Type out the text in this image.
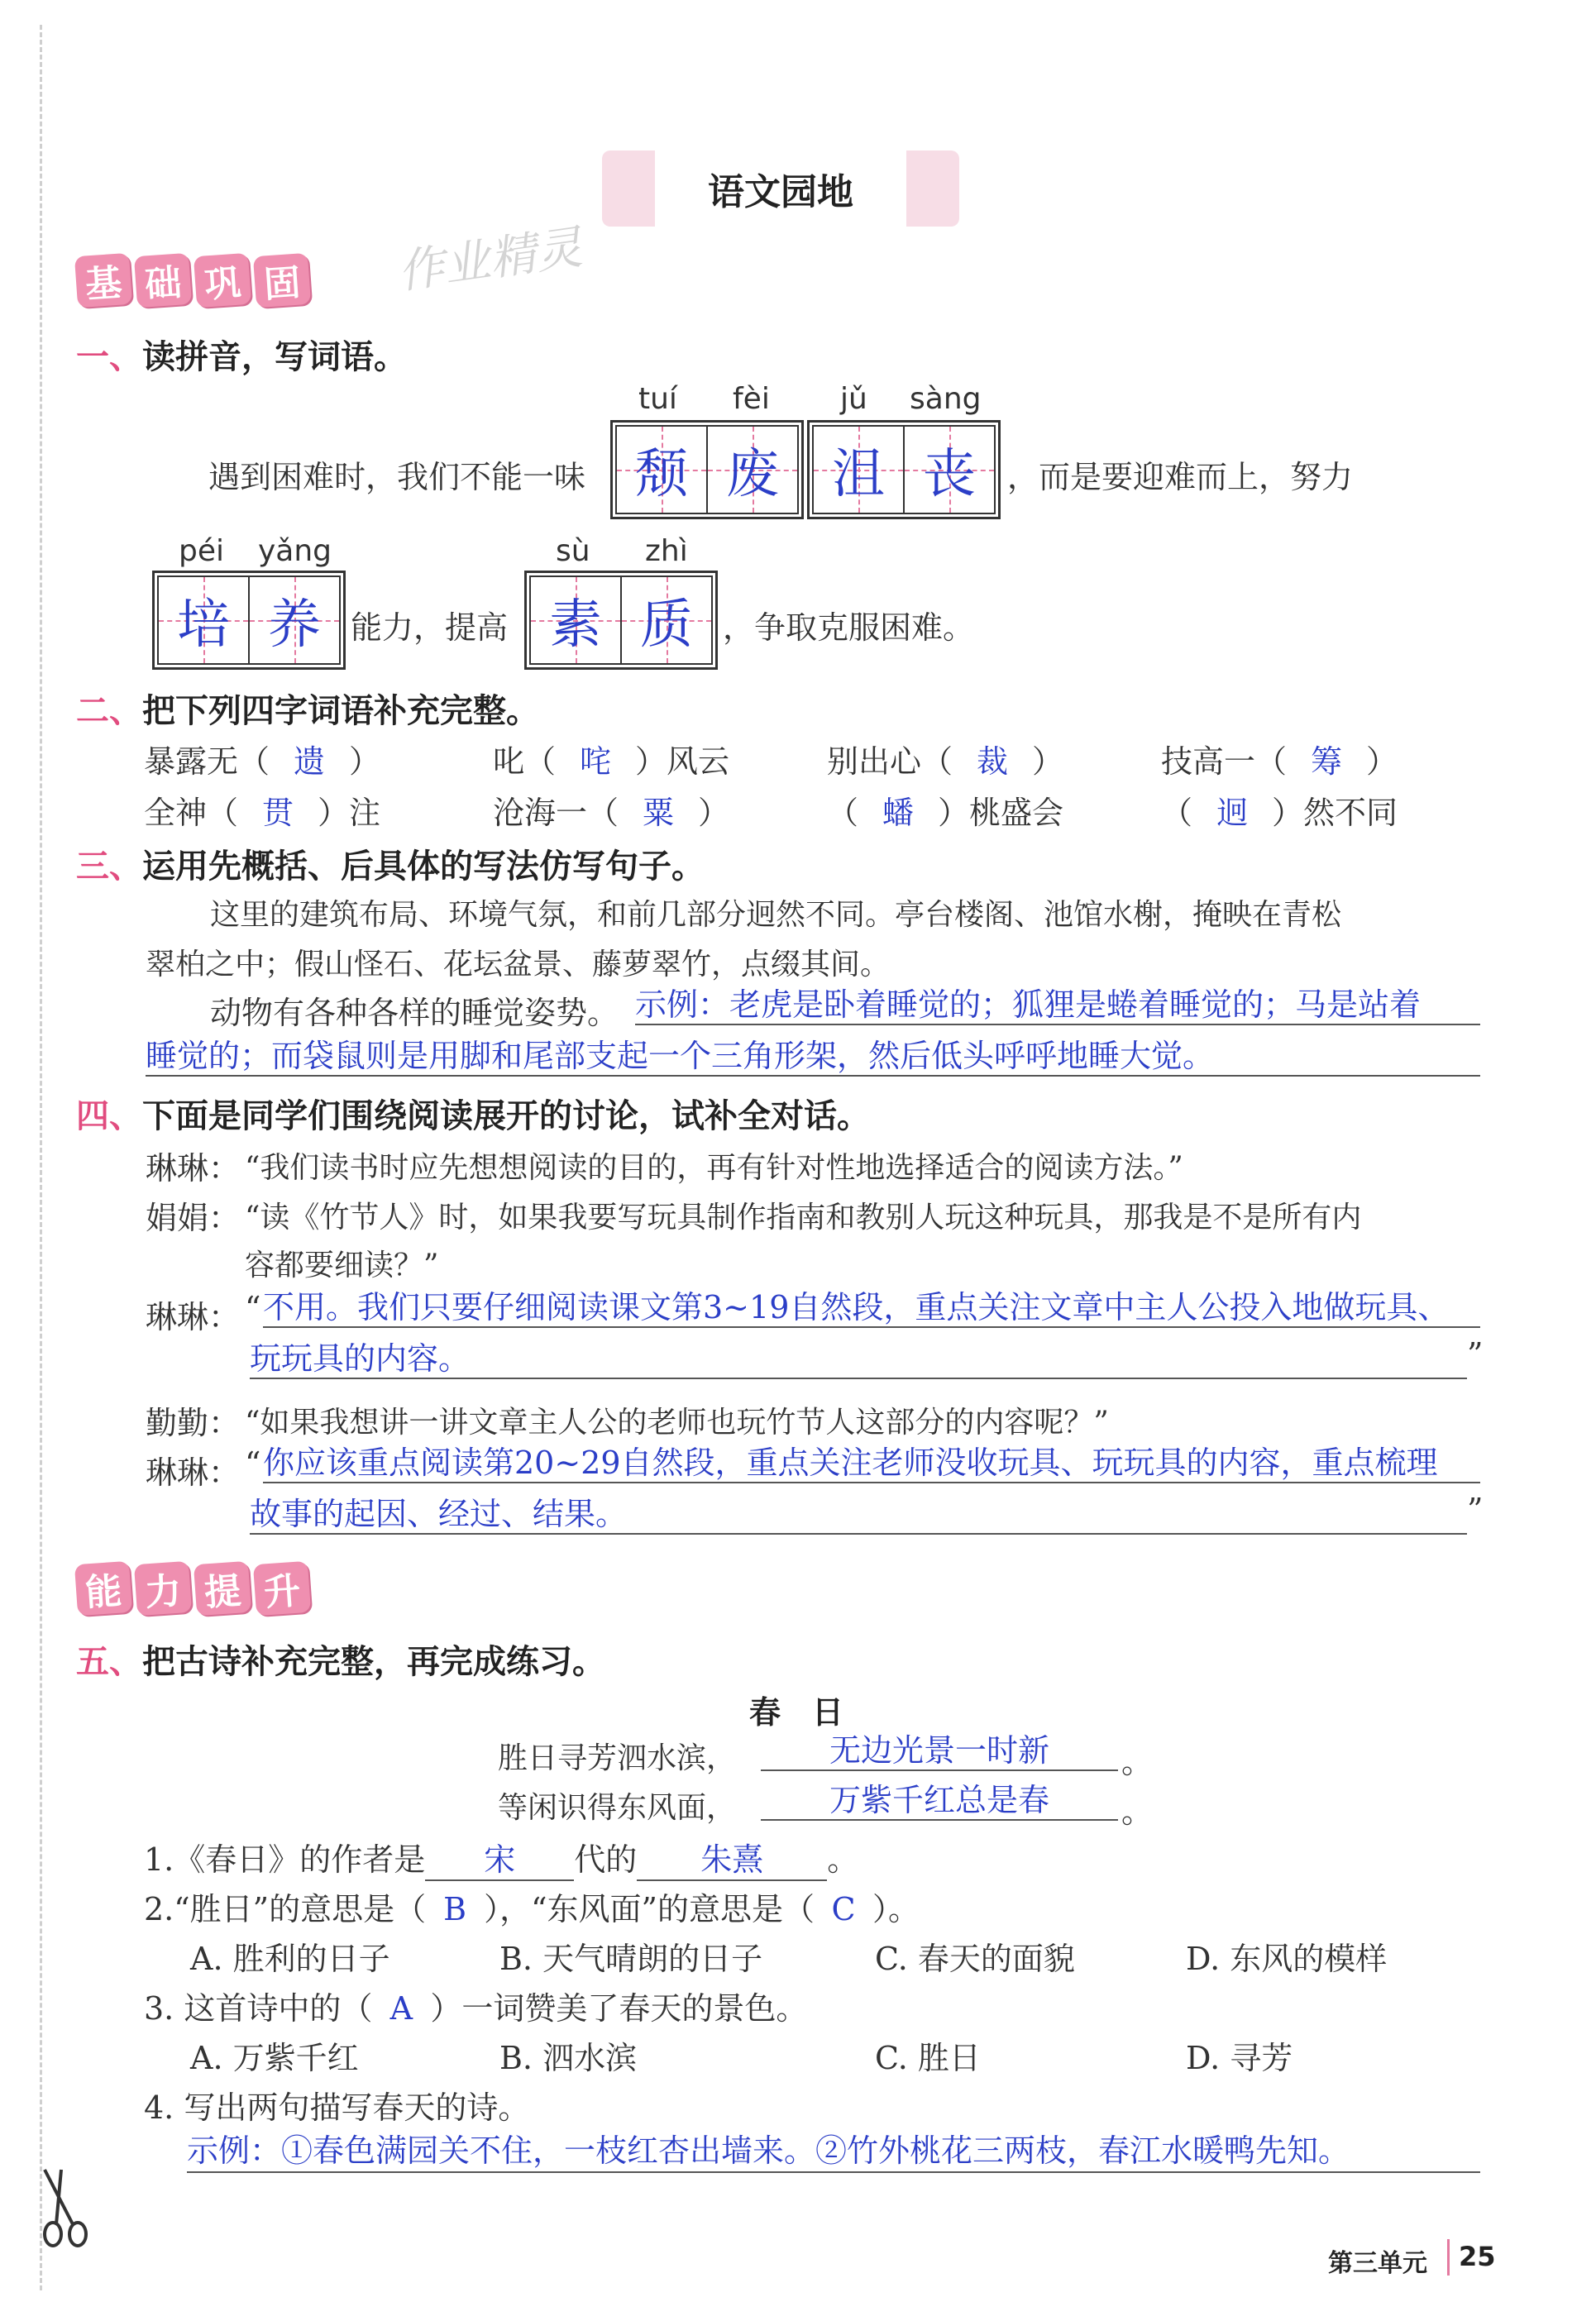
语文园地
作业精灵
基 础 巩 固
一、读拼音，写词语。
tuí fèi jǔ sàng
遇到困难时，我们不能一味 颓 废 沮 丧 ，而是要迎难而上，努力
péi yǎng	sù zhì
培 养 能力，提高 素 质 ，争取克服困难。
二、把下列四字词语补充完整。
暴露无（ 遗 ）	叱（ 咤 ）风云	别出心（ 裁 ）	技高一（ 筹 ）
全神（ 贯 ）注	沧海一（ 粟 ）	（ 蟠 ）桃盛会	（ 迥 ）然不同
三、运用先概括、后具体的写法仿写句子。
这里的建筑布局、环境气氛，和前几部分迥然不同。亭台楼阁、池馆水榭，掩映在青松
翠柏之中；假山怪石、花坛盆景、藤萝翠竹，点缀其间。
动物有各种各样的睡觉姿势。 示例：老虎是卧着睡觉的；狐狸是蜷着睡觉的；马是站着
睡觉的；而袋鼠则是用脚和尾部支起一个三角形架，然后低头呼呼地睡大觉。
四、下面是同学们围绕阅读展开的讨论，试补全对话。
琳琳： “我们读书时应先想想阅读的目的，再有针对性地选择适合的阅读方法。”
娟娟： “读《竹节人》时，如果我要写玩具制作指南和教别人玩这种玩具，那我是不是所有内
容都要细读？”
琳琳： “ 不用。我们只要仔细阅读课文第3~19自然段，重点关注文章中主人公投入地做玩具、
玩玩具的内容。	”
勤勤： “如果我想讲一讲文章主人公的老师也玩竹节人这部分的内容呢？”
琳琳： “ 你应该重点阅读第20~29自然段，重点关注老师没收玩具、玩玩具的内容，重点梳理
故事的起因、经过、结果。	”
能 力 提 升
五、把古诗补充完整，再完成练习。
春　日
胜日寻芳泗水滨，	无边光景一时新	。
等闲识得东风面，	万紫千红总是春	。
1.《春日》的作者是 宋 代的 朱熹 。
2.“胜日”的意思是（ B ），“东风面”的意思是（ C ）。
A. 胜利的日子	B. 天气晴朗的日子	C. 春天的面貌	D. 东风的模样
3. 这首诗中的（ A ）一词赞美了春天的景色。
A. 万紫千红	B. 泗水滨	C. 胜日	D. 寻芳
4. 写出两句描写春天的诗。
示例：①春色满园关不住，一枝红杏出墙来。②竹外桃花三两枝，春江水暖鸭先知。
第三单元 25
